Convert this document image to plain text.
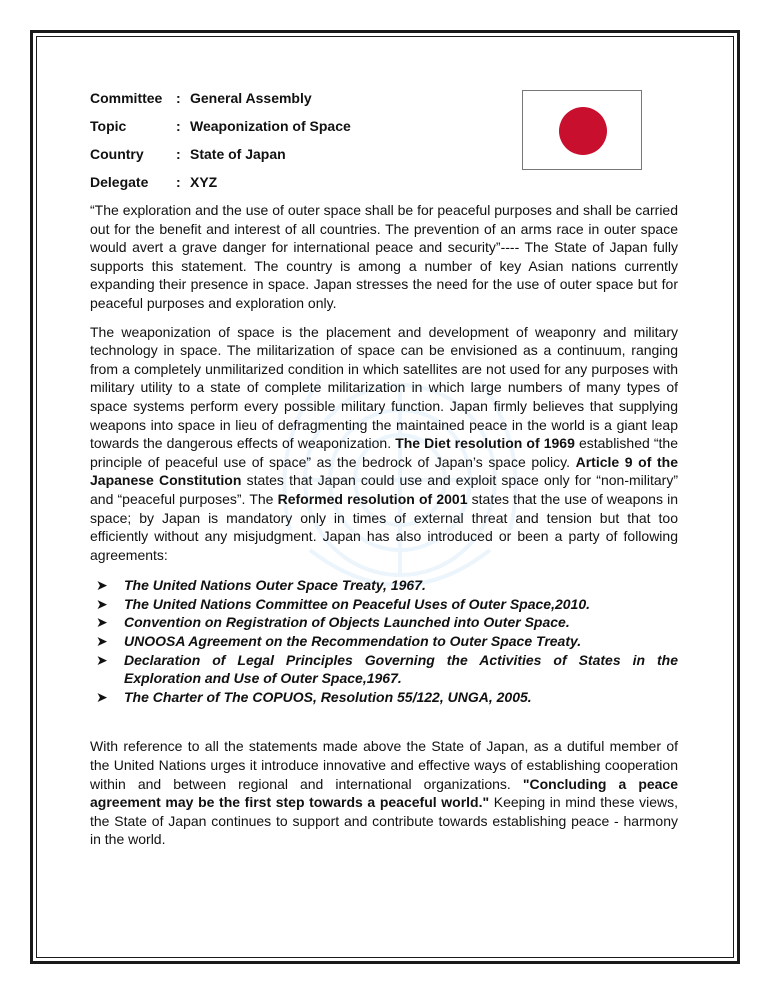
Committee : General Assembly
Topic	: Weaponization of Space
Country	: State of Japan
Delegate	: XYZ

“The exploration and the use of outer space shall be for peaceful purposes and shall be carried out for the benefit and interest of all countries. The prevention of an arms race in outer space would avert a grave danger for international peace and security”---- The State of Japan fully supports this statement. The country is among a number of key Asian nations currently expanding their presence in space. Japan stresses the need for the use of outer space but for peaceful purposes and exploration only.

The weaponization of space is the placement and development of weaponry and military technology in space. The militarization of space can be envisioned as a continuum, ranging from a completely unmilitarized condition in which satellites are not used for any purposes with military utility to a state of complete militarization in which large numbers of many types of space systems perform every possible military function. Japan firmly believes that supplying weapons into space in lieu of defragmenting the maintained peace in the world is a giant leap towards the dangerous effects of weaponization. The Diet resolution of 1969 established “the principle of peaceful use of space” as the bedrock of Japan’s space policy. Article 9 of the Japanese Constitution states that Japan could use and exploit space only for “non-military” and “peaceful purposes”. The Reformed resolution of 2001 states that the use of weapons in space; by Japan is mandatory only in times of external threat and tension but that too efficiently without any misjudgment. Japan has also introduced or been a party of following agreements:

➤ The United Nations Outer Space Treaty, 1967.
➤ The United Nations Committee on Peaceful Uses of Outer Space,2010.
➤ Convention on Registration of Objects Launched into Outer Space.
➤ UNOOSA Agreement on the Recommendation to Outer Space Treaty.
➤ Declaration of Legal Principles Governing the Activities of States in the Exploration and Use of Outer Space,1967.
➤ The Charter of The COPUOS, Resolution 55/122, UNGA, 2005.

With reference to all the statements made above the State of Japan, as a dutiful member of the United Nations urges it introduce innovative and effective ways of establishing cooperation within and between regional and international organizations. "Concluding a peace agreement may be the first step towards a peaceful world." Keeping in mind these views, the State of Japan continues to support and contribute towards establishing peace - harmony in the world.
